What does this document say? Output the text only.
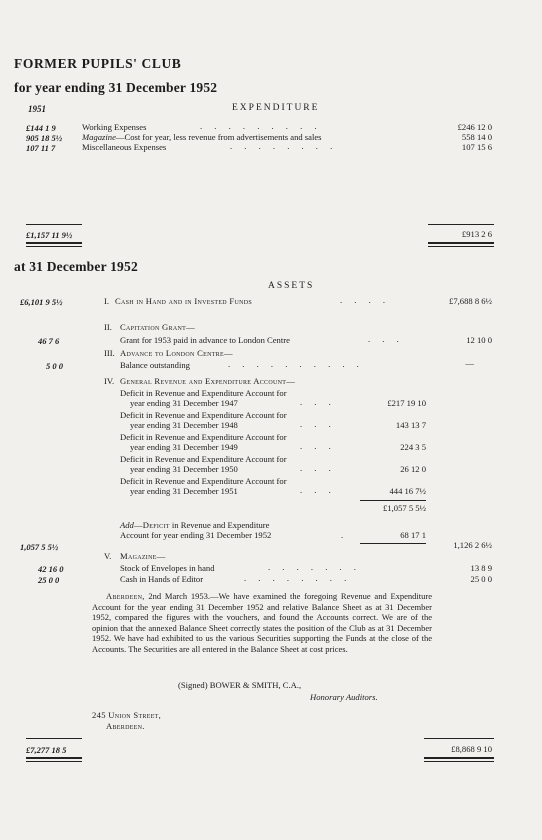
FORMER PUPILS' CLUB
for year ending 31 December 1952
1951	EXPENDITURE
£144 1 9	Working Expenses	. . . . . . . . .	£246 12 0
905 18 5½ Magazine—Cost for year, less revenue from advertisements and sales	558 14 0
107 11 7	Miscellaneous Expenses	. . . . . . . .	107 15 6
£1,157 11 9½	£913 2 6
at 31 December 1952
ASSETS
£6,101 9 5½	I. Cash in Hand and in Invested Funds	. . . .	£7,688 8 6½
II. Capitation Grant—
46 7 6	Grant for 1953 paid in advance to London Centre	. . .	12 10 0
III. Advance to London Centre—
5 0 0	Balance outstanding	. . . . . . . . . .	—
IV. General Revenue and Expenditure Account—
Deficit in Revenue and Expenditure Account for
year ending 31 December 1947	. . .	£217 19 10
Deficit in Revenue and Expenditure Account for
year ending 31 December 1948	. . .	143 13 7
Deficit in Revenue and Expenditure Account for
year ending 31 December 1949	. . .	224 3 5
Deficit in Revenue and Expenditure Account for
year ending 31 December 1950	. . .	26 12 0
Deficit in Revenue and Expenditure Account for
year ending 31 December 1951	. . .	444 16 7½
£1,057 5 5½
Add—Deficit in Revenue and Expenditure
Account for year ending 31 December 1952	.	68 17 1
1,057 5 5½	1,126 2 6½
V. Magazine—
42 16 0	Stock of Envelopes in hand	. . . . . . .	13 8 9
25 0 0	Cash in Hands of Editor	. . . . . . . .	25 0 0
Aberdeen, 2nd March 1953.—We have examined the foregoing Revenue and Expenditure Account for the year ending 31 December 1952 and relative Balance Sheet as at 31 December 1952, compared the figures with the vouchers, and found the Accounts correct. We are of the opinion that the annexed Balance Sheet correctly states the position of the Club as at 31 December 1952. We have had exhibited to us the various Securities supporting the Funds at the close of the Accounts. The Securities are all entered in the Balance Sheet at cost prices.
(Signed) BOWER & SMITH, C.A.,
Honorary Auditors.
245 Union Street,
Aberdeen.
£7,277 18 5	£8,868 9 10
